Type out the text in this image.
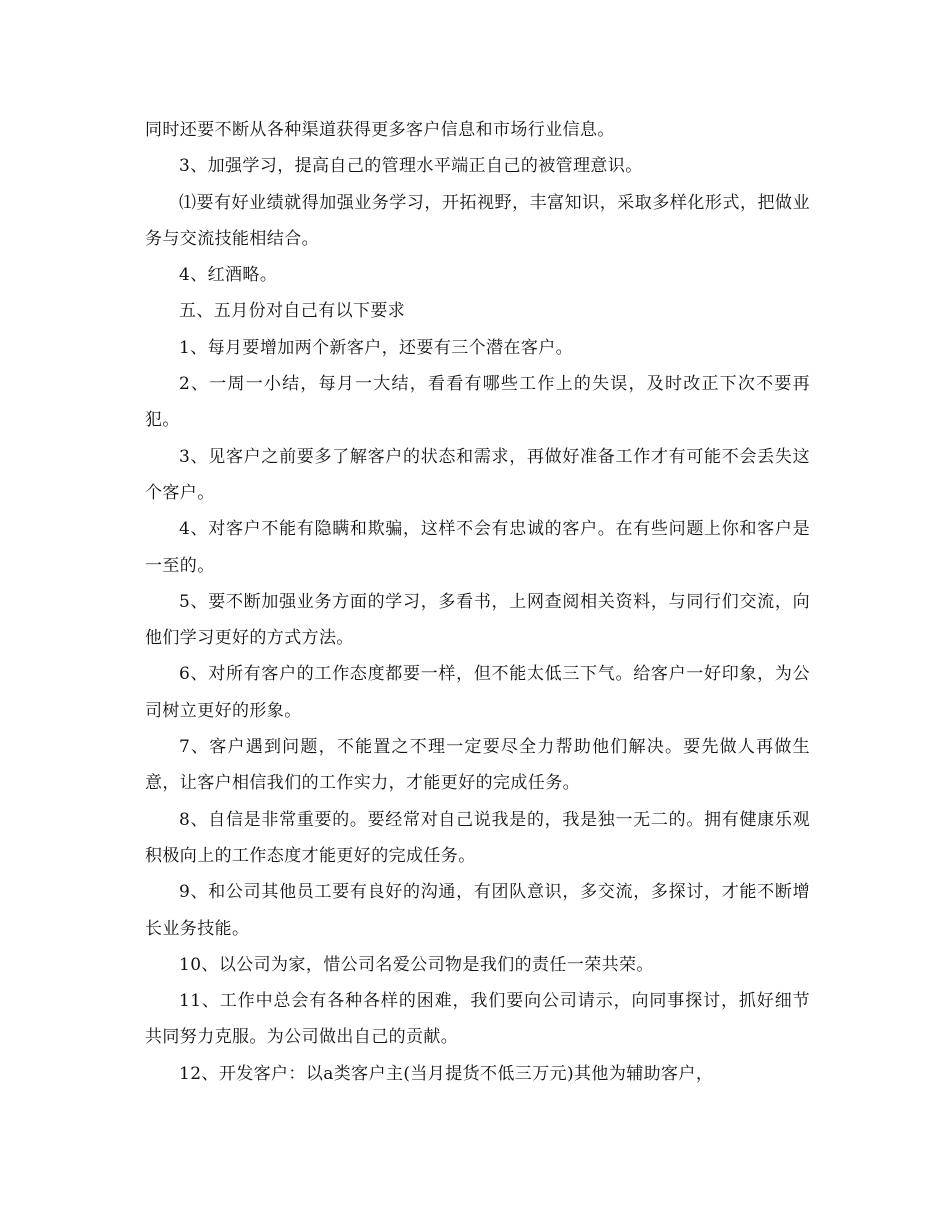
同时还要不断从各种渠道获得更多客户信息和市场行业信息。

3、加强学习，提高自己的管理水平端正自己的被管理意识。

⑴要有好业绩就得加强业务学习，开拓视野，丰富知识，采取多样化形式，把做业务与交流技能相结合。

4、红酒略。

五、五月份对自己有以下要求

1、每月要增加两个新客户，还要有三个潜在客户。

2、一周一小结，每月一大结，看看有哪些工作上的失误，及时改正下次不要再犯。

3、见客户之前要多了解客户的状态和需求，再做好准备工作才有可能不会丢失这个客户。

4、对客户不能有隐瞒和欺骗，这样不会有忠诚的客户。在有些问题上你和客户是一至的。

5、要不断加强业务方面的学习，多看书，上网查阅相关资料，与同行们交流，向他们学习更好的方式方法。

6、对所有客户的工作态度都要一样，但不能太低三下气。给客户一好印象，为公司树立更好的形象。

7、客户遇到问题，不能置之不理一定要尽全力帮助他们解决。要先做人再做生意，让客户相信我们的工作实力，才能更好的完成任务。

8、自信是非常重要的。要经常对自己说我是的，我是独一无二的。拥有健康乐观积极向上的工作态度才能更好的完成任务。

9、和公司其他员工要有良好的沟通，有团队意识，多交流，多探讨，才能不断增长业务技能。

10、以公司为家，惜公司名爱公司物是我们的责任一荣共荣。

11、工作中总会有各种各样的困难，我们要向公司请示，向同事探讨，抓好细节共同努力克服。为公司做出自己的贡献。

12、开发客户：以a类客户主(当月提货不低三万元)其他为辅助客户，
